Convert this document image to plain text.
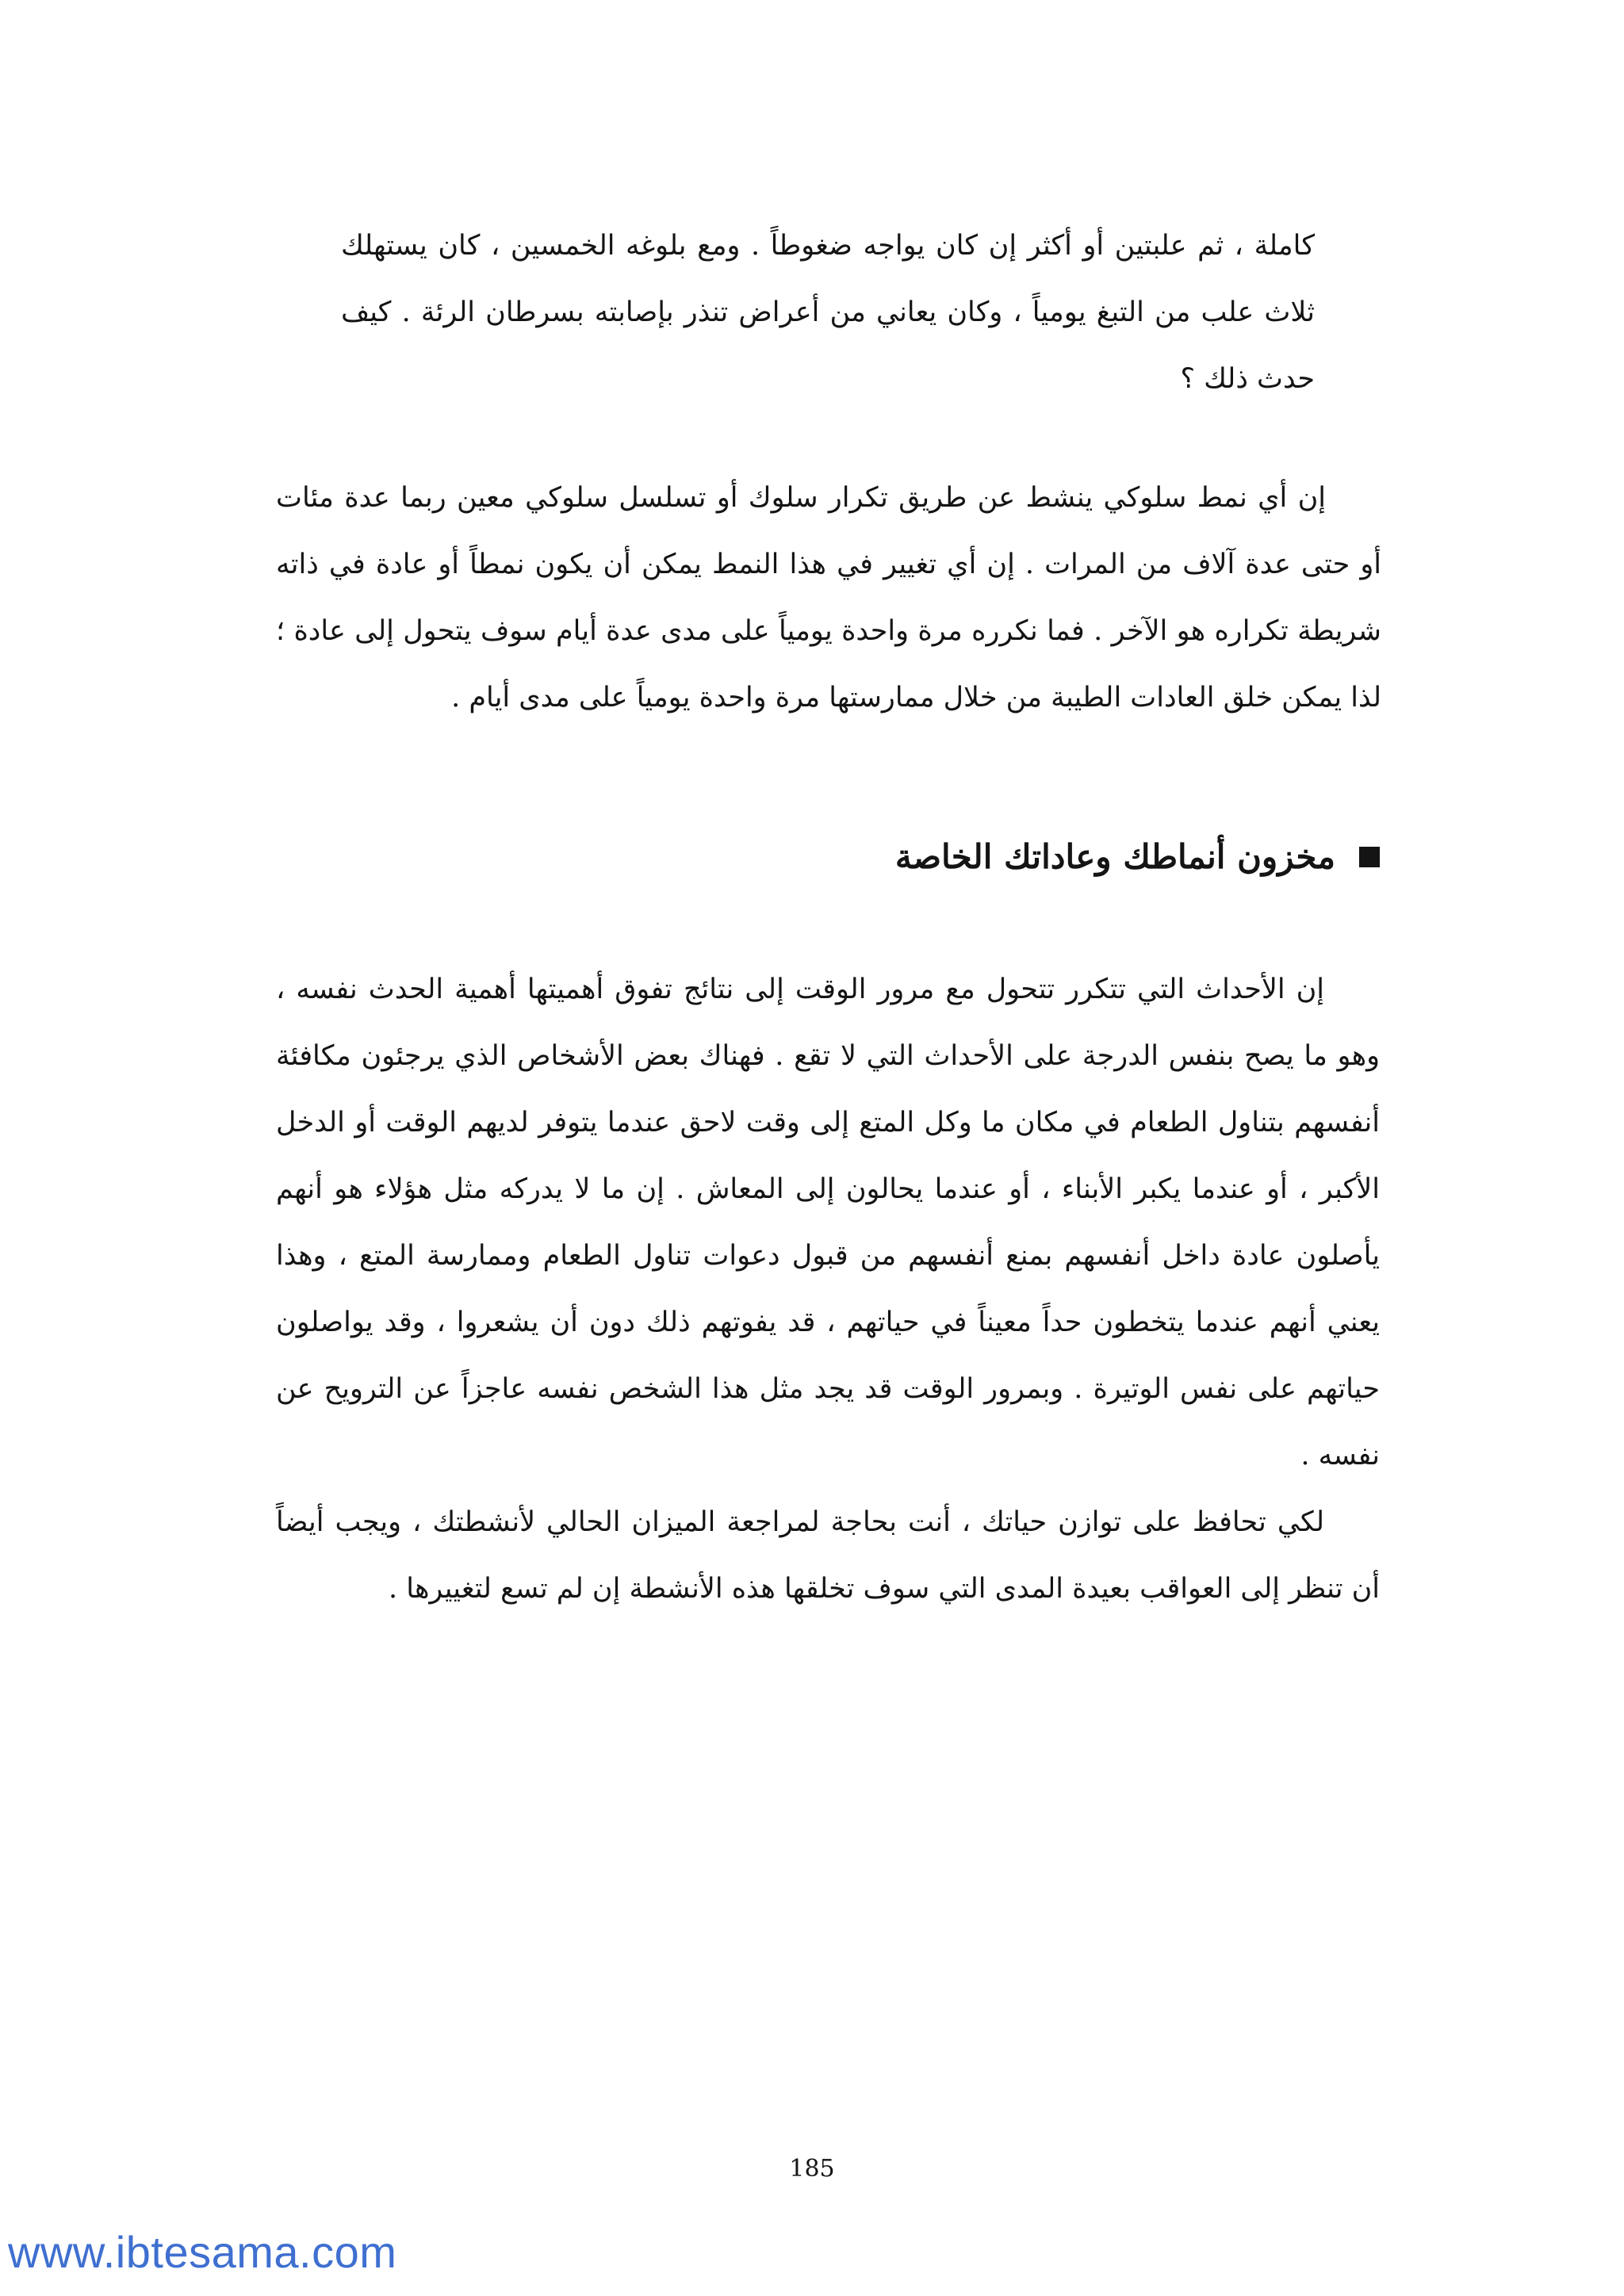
كاملة ، ثم علبتين أو أكثر إن كان يواجه ضغوطاً . ومع بلوغه الخمسين ، كان يستهلك ثلاث علب من التبغ يومياً ، وكان يعاني من أعراض تنذر بإصابته بسرطان الرئة . كيف حدث ذلك ؟

إن أي نمط سلوكي ينشط عن طريق تكرار سلوك أو تسلسل سلوكي معين ربما عدة مئات أو حتى عدة آلاف من المرات . إن أي تغيير في هذا النمط يمكن أن يكون نمطاً أو عادة في ذاته شريطة تكراره هو الآخر . فما نكرره مرة واحدة يومياً على مدى عدة أيام سوف يتحول إلى عادة ؛ لذا يمكن خلق العادات الطيبة من خلال ممارستها مرة واحدة يومياً على مدى أيام .

مخزون أنماطك وعاداتك الخاصة

إن الأحداث التي تتكرر تتحول مع مرور الوقت إلى نتائج تفوق أهميتها أهمية الحدث نفسه ، وهو ما يصح بنفس الدرجة على الأحداث التي لا تقع . فهناك بعض الأشخاص الذي يرجئون مكافئة أنفسهم بتناول الطعام في مكان ما وكل المتع إلى وقت لاحق عندما يتوفر لديهم الوقت أو الدخل الأكبر ، أو عندما يكبر الأبناء ، أو عندما يحالون إلى المعاش . إن ما لا يدركه مثل هؤلاء هو أنهم يأصلون عادة داخل أنفسهم بمنع أنفسهم من قبول دعوات تناول الطعام وممارسة المتع ، وهذا يعني أنهم عندما يتخطون حداً معيناً في حياتهم ، قد يفوتهم ذلك دون أن يشعروا ، وقد يواصلون حياتهم على نفس الوتيرة . وبمرور الوقت قد يجد مثل هذا الشخص نفسه عاجزاً عن الترويح عن نفسه .

لكي تحافظ على توازن حياتك ، أنت بحاجة لمراجعة الميزان الحالي لأنشطتك ، ويجب أيضاً أن تنظر إلى العواقب بعيدة المدى التي سوف تخلقها هذه الأنشطة إن لم تسع لتغييرها .

185

www.ibtesama.com
